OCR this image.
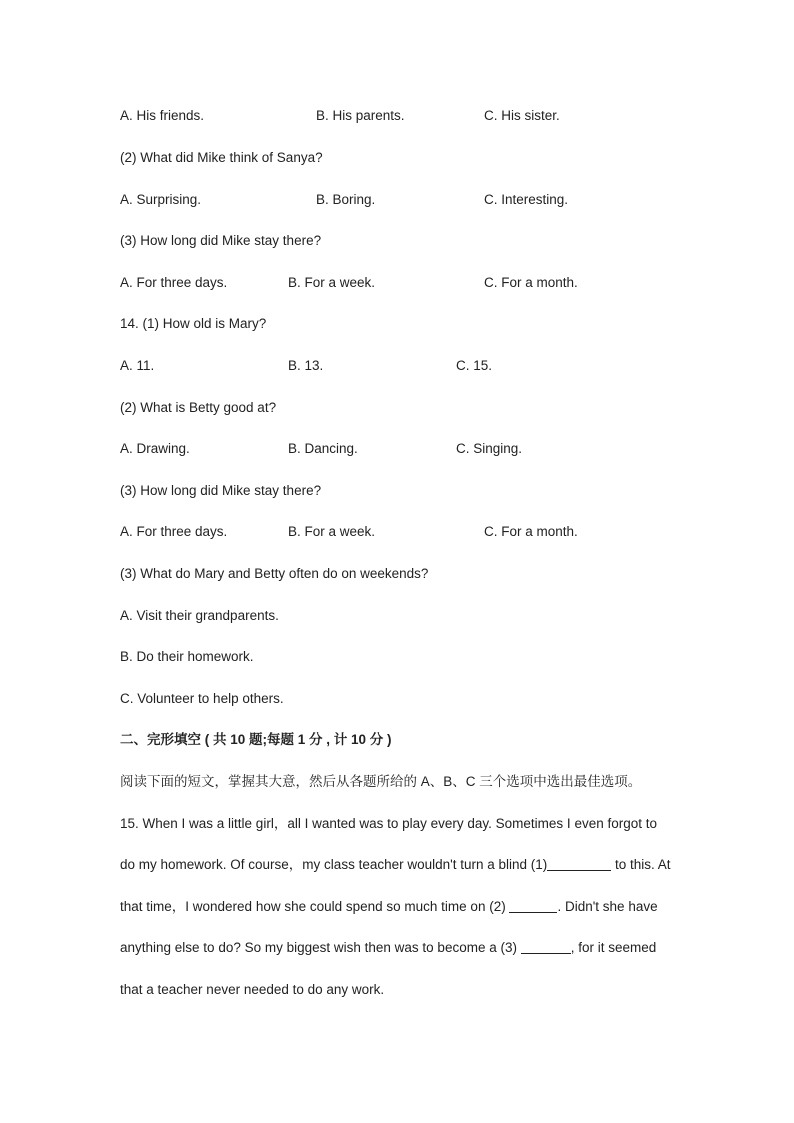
A. His friends.	B. His parents.	C. His sister.
(2) What did Mike think of Sanya?
A. Surprising.	B. Boring.	C. Interesting.
(3) How long did Mike stay there?
A. For three days.	B. For a week.	C. For a month.
14. (1) How old is Mary?
A. 11.	B. 13.	C. 15.
(2) What is Betty good at?
A. Drawing.	B. Dancing.	C. Singing.
(3) How long did Mike stay there?
A. For three days.	B. For a week.	C. For a month.
(3) What do Mary and Betty often do on weekends?
A. Visit their grandparents.
B. Do their homework.
C. Volunteer to help others.
二、完形填空 ( 共 10 题;每题 1 分 , 计 10 分 )
阅读下面的短文，掌握其大意，然后从各题所给的 A、B、C 三个选项中选出最佳选项。
15. When I was a little girl，all I wanted was to play every day. Sometimes I even forgot to
do my homework. Of course，my class teacher wouldn't turn a blind (1)	to this. At
that time，I wondered how she could spend so much time on (2)	. Didn't she have
anything else to do? So my biggest wish then was to become a (3)	, for it seemed
that a teacher never needed to do any work.
